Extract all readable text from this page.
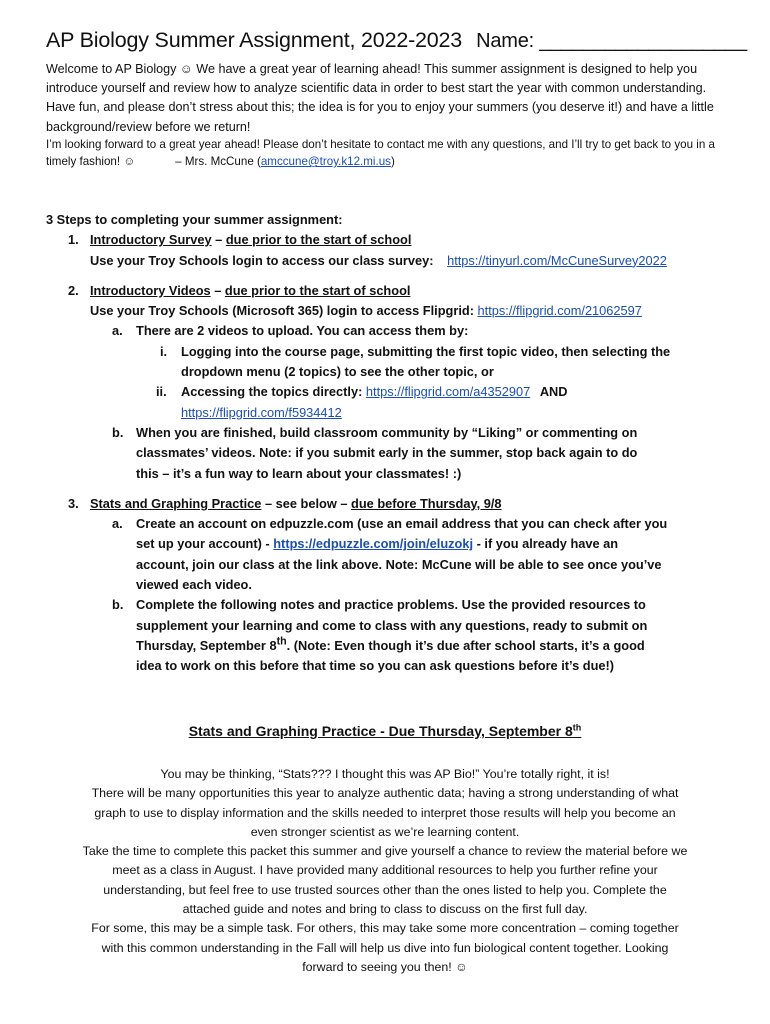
AP Biology Summer Assignment, 2022-2023 Name: ___________________
Welcome to AP Biology ☺ We have a great year of learning ahead! This summer assignment is designed to help you introduce yourself and review how to analyze scientific data in order to best start the year with common understanding. Have fun, and please don’t stress about this; the idea is for you to enjoy your summers (you deserve it!) and have a little background/review before we return!
I’m looking forward to a great year ahead! Please don’t hesitate to contact me with any questions, and I’ll try to get back to you in a timely fashion! ☺	– Mrs. McCune (amccune@troy.k12.mi.us)
3 Steps to completing your summer assignment:
1. Introductory Survey – due prior to the start of school
Use your Troy Schools login to access our class survey: https://tinyurl.com/McCuneSurvey2022
2. Introductory Videos – due prior to the start of school
Use your Troy Schools (Microsoft 365) login to access Flipgrid: https://flipgrid.com/21062597
a. There are 2 videos to upload. You can access them by:
i. Logging into the course page, submitting the first topic video, then selecting the
dropdown menu (2 topics) to see the other topic, or
ii. Accessing the topics directly: https://flipgrid.com/a4352907 AND
https://flipgrid.com/f5934412
b. When you are finished, build classroom community by “Liking” or commenting on
classmates’ videos. Note: if you submit early in the summer, stop back again to do
this – it’s a fun way to learn about your classmates! :)
3. Stats and Graphing Practice – see below – due before Thursday, 9/8
a. Create an account on edpuzzle.com (use an email address that you can check after you
set up your account) - https://edpuzzle.com/join/eluzokj - if you already have an
account, join our class at the link above. Note: McCune will be able to see once you’ve
viewed each video.
b. Complete the following notes and practice problems. Use the provided resources to
supplement your learning and come to class with any questions, ready to submit on
Thursday, September 8th. (Note: Even though it’s due after school starts, it’s a good
idea to work on this before that time so you can ask questions before it’s due!)
Stats and Graphing Practice - Due Thursday, September 8th
You may be thinking, “Stats??? I thought this was AP Bio!” You’re totally right, it is!
There will be many opportunities this year to analyze authentic data; having a strong understanding of what
graph to use to display information and the skills needed to interpret those results will help you become an
even stronger scientist as we’re learning content.
Take the time to complete this packet this summer and give yourself a chance to review the material before we
meet as a class in August. I have provided many additional resources to help you further refine your
understanding, but feel free to use trusted sources other than the ones listed to help you. Complete the
attached guide and notes and bring to class to discuss on the first full day.
For some, this may be a simple task. For others, this may take some more concentration – coming together
with this common understanding in the Fall will help us dive into fun biological content together. Looking
forward to seeing you then! ☺
